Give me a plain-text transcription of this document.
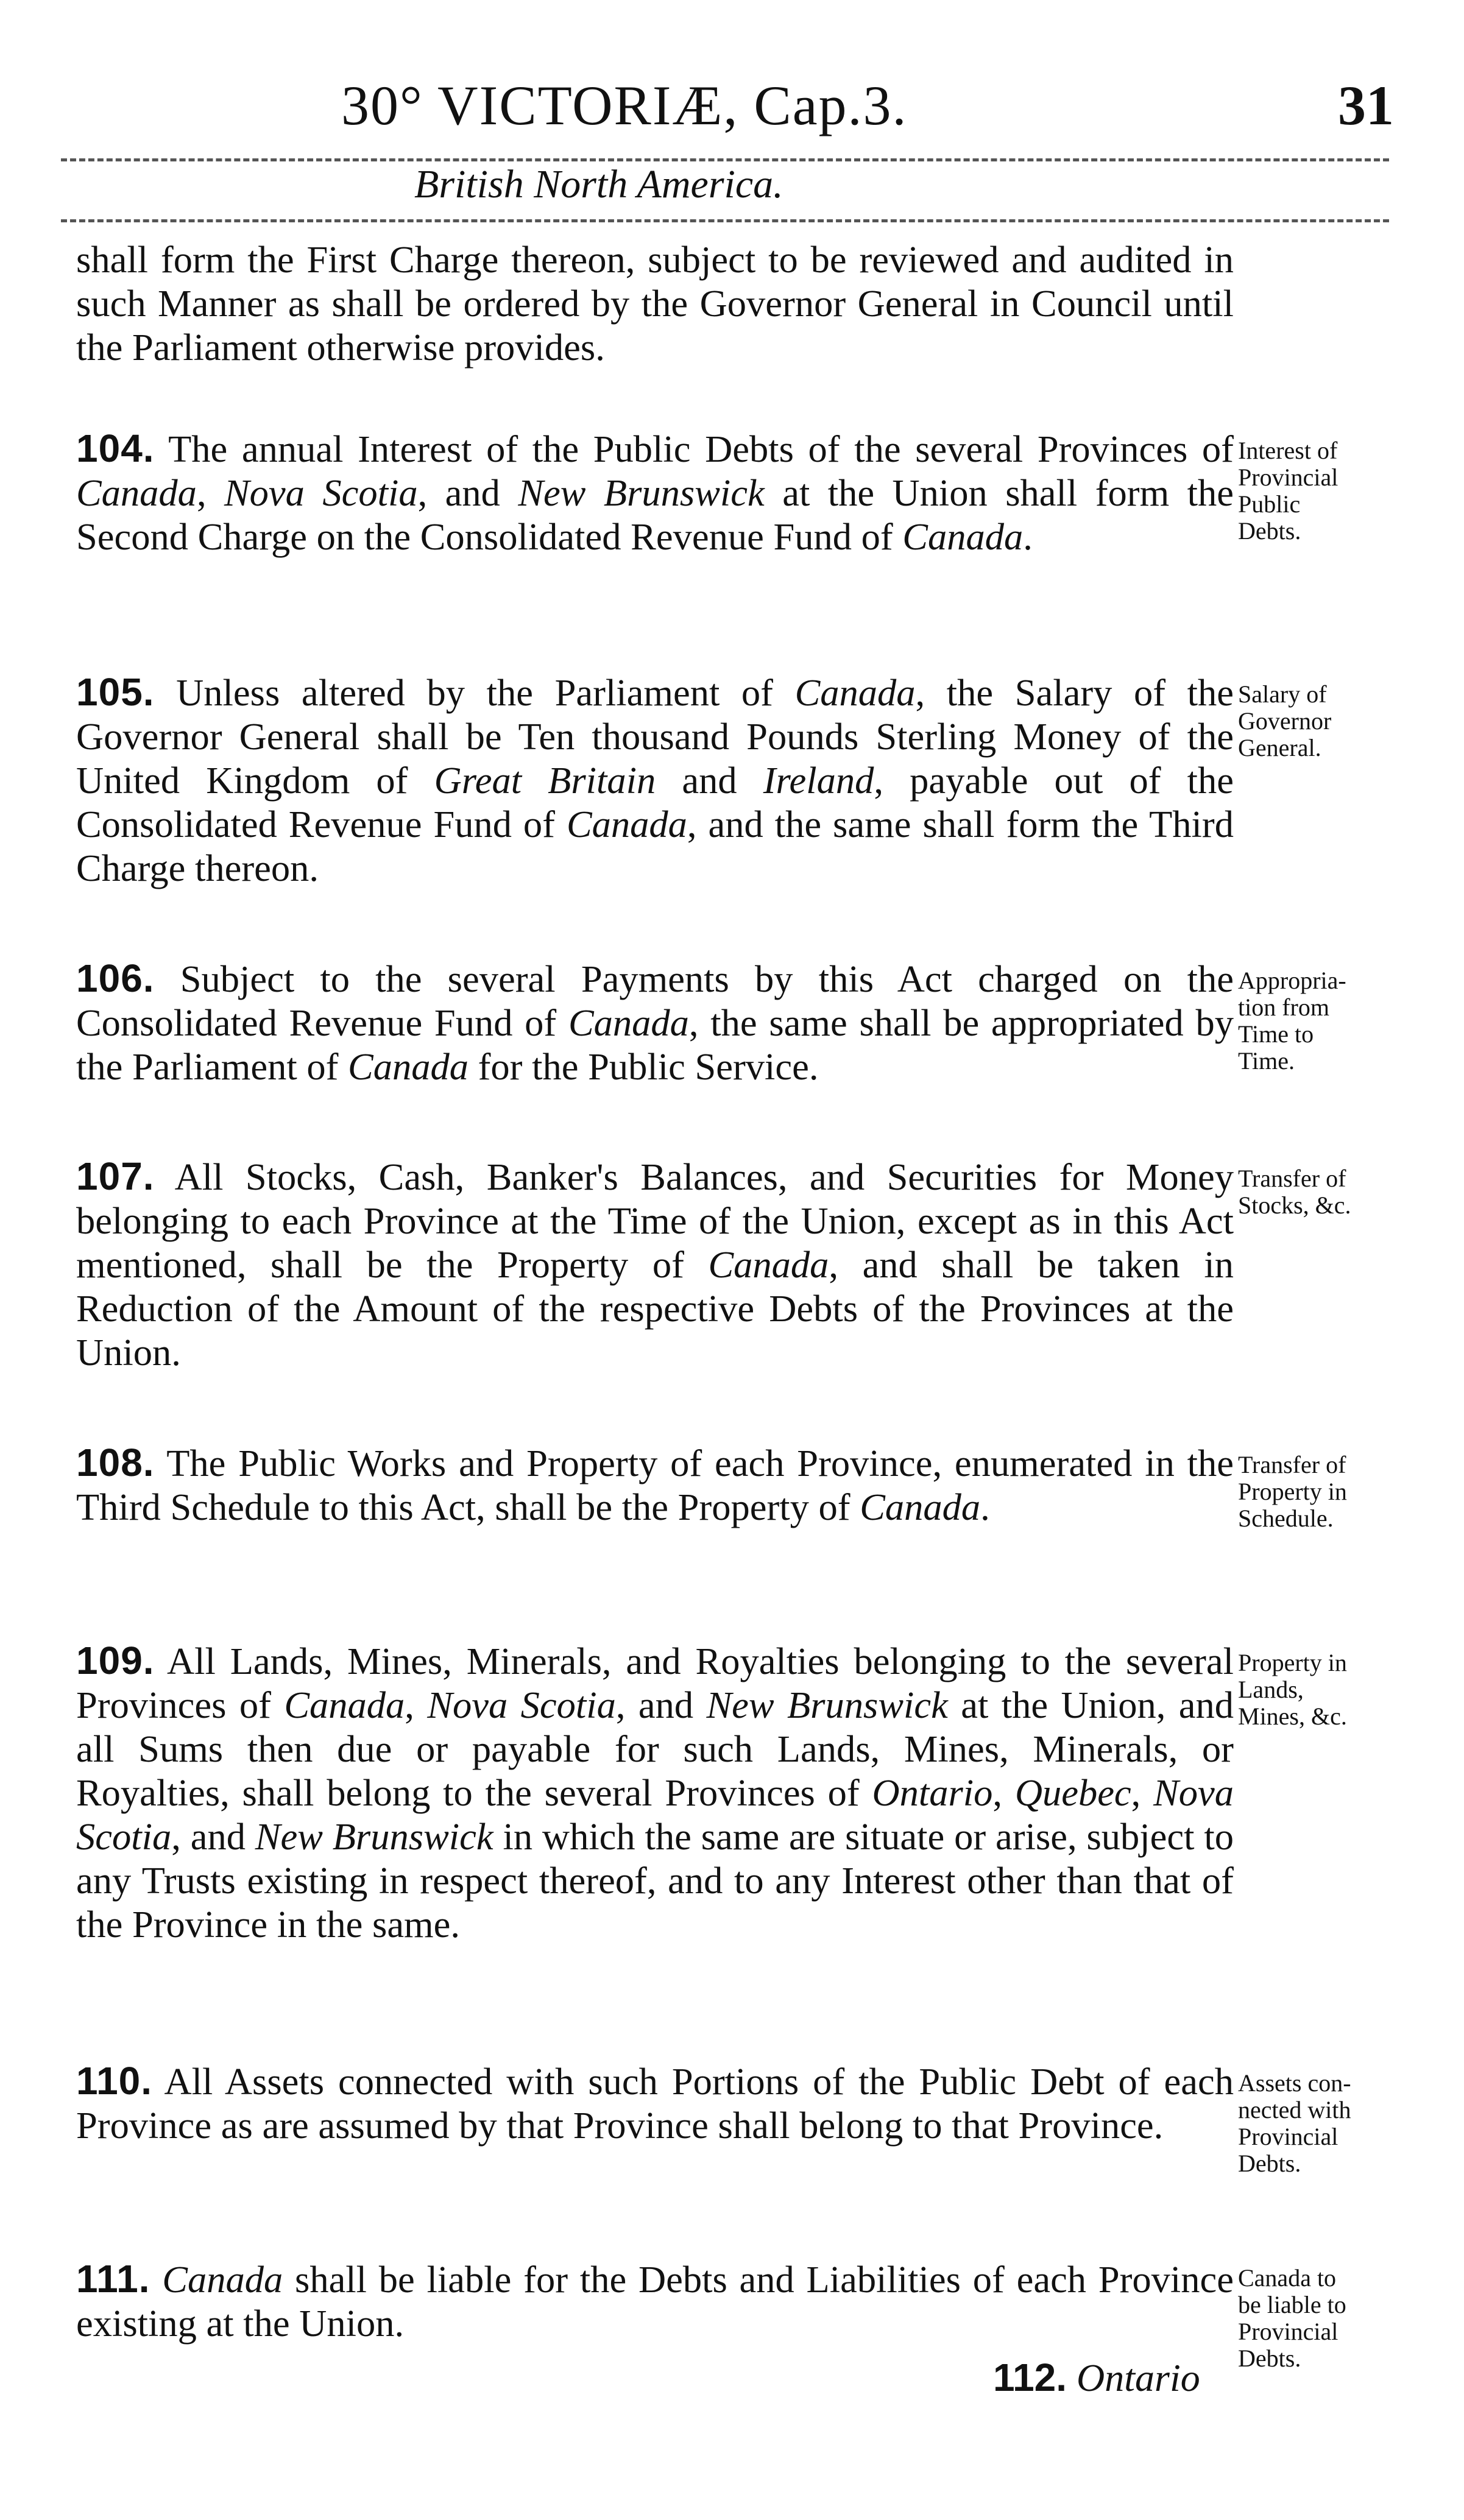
30° VICTORIÆ, Cap.3.	31
British North America.

shall form the First Charge thereon, subject to be reviewed and audited in such Manner as shall be ordered by the Governor General in Council until the Parliament otherwise provides.

104. The annual Interest of the Public Debts of the several Provinces of Canada, Nova Scotia, and New Brunswick at the Union shall form the Second Charge on the Consolidated Revenue Fund of Canada.

Interest of
Provincial
Public
Debts.

105. Unless altered by the Parliament of Canada, the Salary of the Governor General shall be Ten thousand Pounds Sterling Money of the United Kingdom of Great Britain and Ireland, payable out of the Consolidated Revenue Fund of Canada, and the same shall form the Third Charge thereon.

Salary of
Governor
General.

106. Subject to the several Payments by this Act charged on the Consolidated Revenue Fund of Canada, the same shall be appropriated by the Parliament of Canada for the Public Service.

Appropria-
tion from
Time to
Time.

107. All Stocks, Cash, Banker's Balances, and Securities for Money belonging to each Province at the Time of the Union, except as in this Act mentioned, shall be the Property of Canada, and shall be taken in Reduction of the Amount of the respective Debts of the Provinces at the Union.

Transfer of
Stocks, &c.

108. The Public Works and Property of each Province, enumerated in the Third Schedule to this Act, shall be the Property of Canada.

Transfer of
Property in
Schedule.

109. All Lands, Mines, Minerals, and Royalties belonging to the several Provinces of Canada, Nova Scotia, and New Brunswick at the Union, and all Sums then due or payable for such Lands, Mines, Minerals, or Royalties, shall belong to the several Provinces of Ontario, Quebec, Nova Scotia, and New Brunswick in which the same are situate or arise, subject to any Trusts existing in respect thereof, and to any Interest other than that of the Province in the same.

Property in
Lands,
Mines, &c.

110. All Assets connected with such Portions of the Public Debt of each Province as are assumed by that Province shall belong to that Province.

Assets con-
nected with
Provincial
Debts.

111. Canada shall be liable for the Debts and Liabilities of each Province existing at the Union.

Canada to
be liable to
Provincial
Debts.

112. Ontario
